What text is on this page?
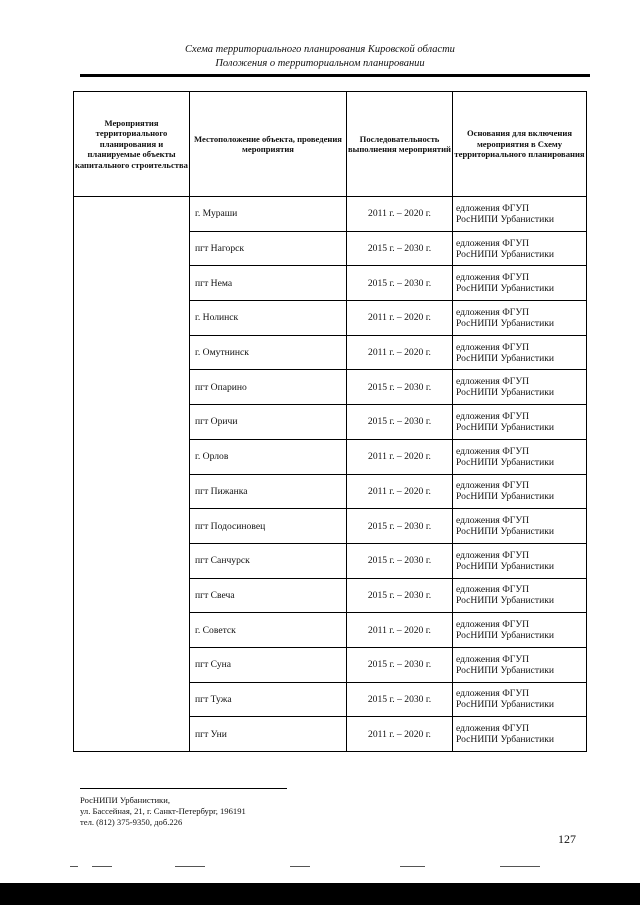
Схема территориального планирования Кировской области
Положения о территориальном планировании
Мероприятия территориального планирования и планируемые объекты капитального строительства	Местоположение объекта, проведения мероприятия	Последовательность выполнения мероприятий	Основания для включения мероприятия в Схему территориального планирования
	г. Мураши	2011 г. – 2020 г.	едложения ФГУП
РосНИПИ Урбанистики

	пгт Нагорск	2015 г. – 2030 г.	едложения ФГУП
РосНИПИ Урбанистики

	пгт Нема	2015 г. – 2030 г.	едложения ФГУП
РосНИПИ Урбанистики

	г. Нолинск	2011 г. – 2020 г.	едложения ФГУП
РосНИПИ Урбанистики

	г. Омутнинск	2011 г. – 2020 г.	едложения ФГУП
РосНИПИ Урбанистики

	пгт Опарино	2015 г. – 2030 г.	едложения ФГУП
РосНИПИ Урбанистики

	пгт Оричи	2015 г. – 2030 г.	едложения ФГУП
РосНИПИ Урбанистики

	г. Орлов	2011 г. – 2020 г.	едложения ФГУП
РосНИПИ Урбанистики

	пгт Пижанка	2011 г. – 2020 г.	едложения ФГУП
РосНИПИ Урбанистики

	пгт Подосиновец	2015 г. – 2030 г.	едложения ФГУП
РосНИПИ Урбанистики

	пгт Санчурск	2015 г. – 2030 г.	едложения ФГУП
РосНИПИ Урбанистики

	пгт Свеча	2015 г. – 2030 г.	едложения ФГУП
РосНИПИ Урбанистики

	г. Советск	2011 г. – 2020 г.	едложения ФГУП
РосНИПИ Урбанистики

	пгт Суна	2015 г. – 2030 г.	едложения ФГУП
РосНИПИ Урбанистики

	пгт Тужа	2015 г. – 2030 г.	едложения ФГУП
РосНИПИ Урбанистики

	пгт Уни	2011 г. – 2020 г.	едложения ФГУП
РосНИПИ Урбанистики
РосНИПИ Урбанистики,
ул. Бассейная, 21, г. Санкт-Петербург, 196191
тел. (812) 375-9350, доб.226
127
